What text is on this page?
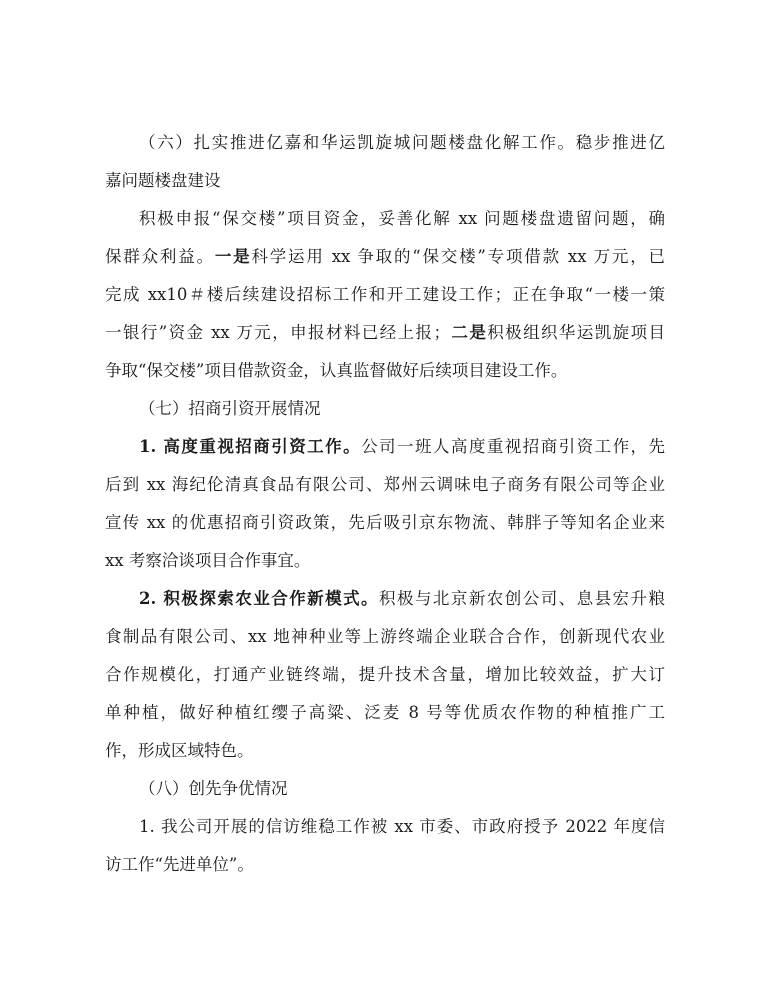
（六）扎实推进亿嘉和华运凯旋城问题楼盘化解工作。稳步推进亿
嘉问题楼盘建设
积极申报“保交楼”项目资金，妥善化解 xx 问题楼盘遗留问题，确
保群众利益。一是科学运用 xx 争取的“保交楼”专项借款 xx 万元，已
完成 xx10＃楼后续建设招标工作和开工建设工作；正在争取“一楼一策
一银行”资金 xx 万元，申报材料已经上报；二是积极组织华运凯旋项目
争取“保交楼”项目借款资金，认真监督做好后续项目建设工作。
（七）招商引资开展情况
1. 高度重视招商引资工作。公司一班人高度重视招商引资工作，先
后到 xx 海纪伦清真食品有限公司、郑州云调味电子商务有限公司等企业
宣传 xx 的优惠招商引资政策，先后吸引京东物流、韩胖子等知名企业来
xx 考察洽谈项目合作事宜。
2. 积极探索农业合作新模式。积极与北京新农创公司、息县宏升粮
食制品有限公司、xx 地神种业等上游终端企业联合合作，创新现代农业
合作规模化，打通产业链终端，提升技术含量，增加比较效益，扩大订
单种植，做好种植红缨子高粱、泛麦 8 号等优质农作物的种植推广工
作，形成区域特色。
（八）创先争优情况
1. 我公司开展的信访维稳工作被 xx 市委、市政府授予 2022 年度信
访工作“先进单位”。
